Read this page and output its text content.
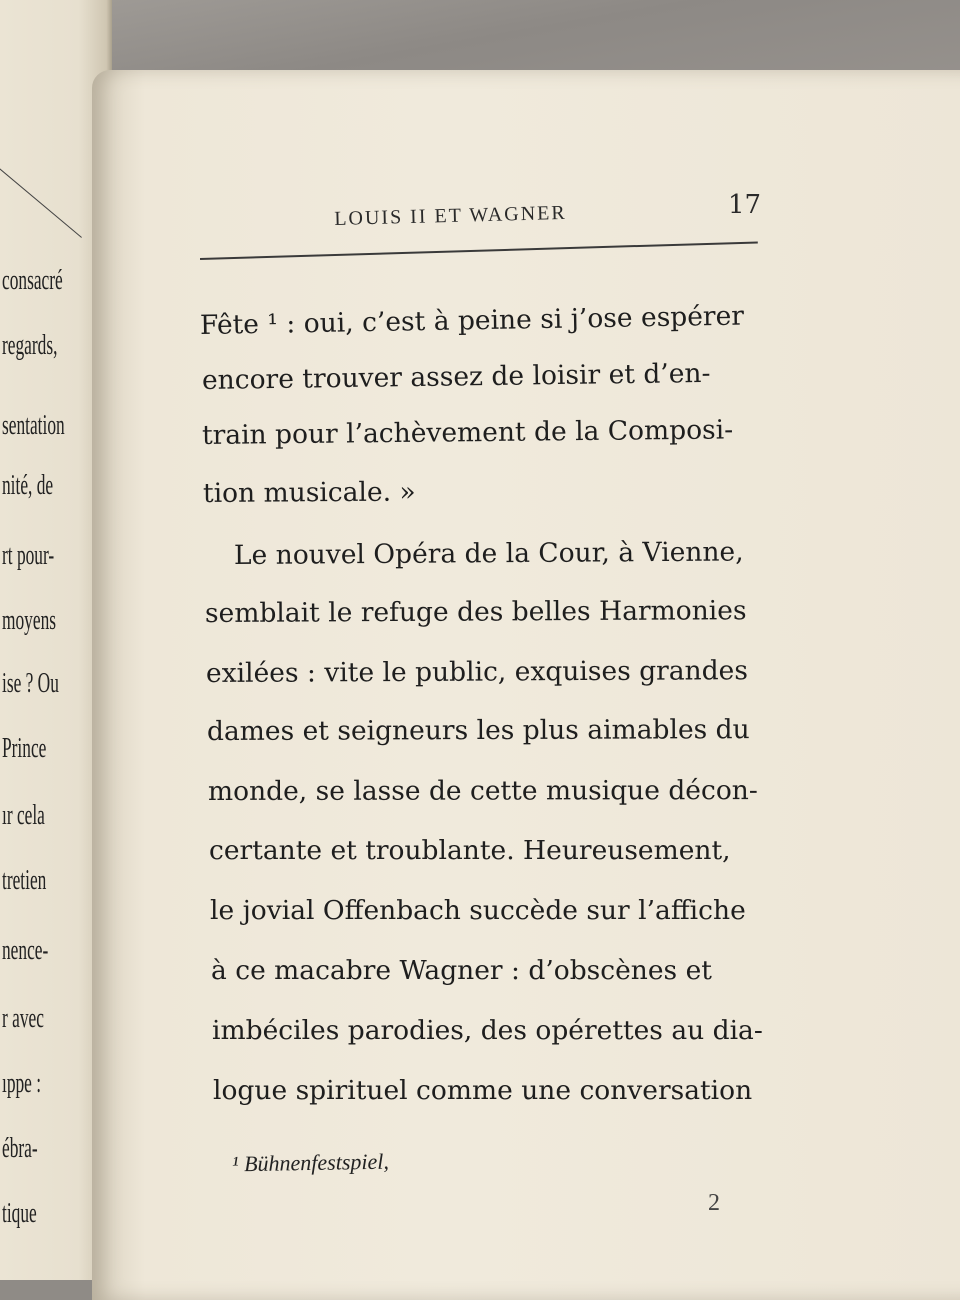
consacré
regards,
sentation
nité, de
rt pour-
moyens
ise ? Ou
Prince
ır cela
tretien
nence-
r avec
ıppe :
ébra-
tique
LOUIS II ET WAGNER	17
Fête ¹ : oui, c’est à peine si j’ose espérer
encore trouver assez de loisir et d’en-
train pour l’achèvement de la Composi-
tion musicale. »
Le nouvel Opéra de la Cour, à Vienne,
semblait le refuge des belles Harmonies
exilées : vite le public, exquises grandes
dames et seigneurs les plus aimables du
monde, se lasse de cette musique décon-
certante et troublante. Heureusement,
le jovial Offenbach succède sur l’affiche
à ce macabre Wagner : d’obscènes et
imbéciles parodies, des opérettes au dia-
logue spirituel comme une conversation
¹ Bühnenfestspiel,
2
